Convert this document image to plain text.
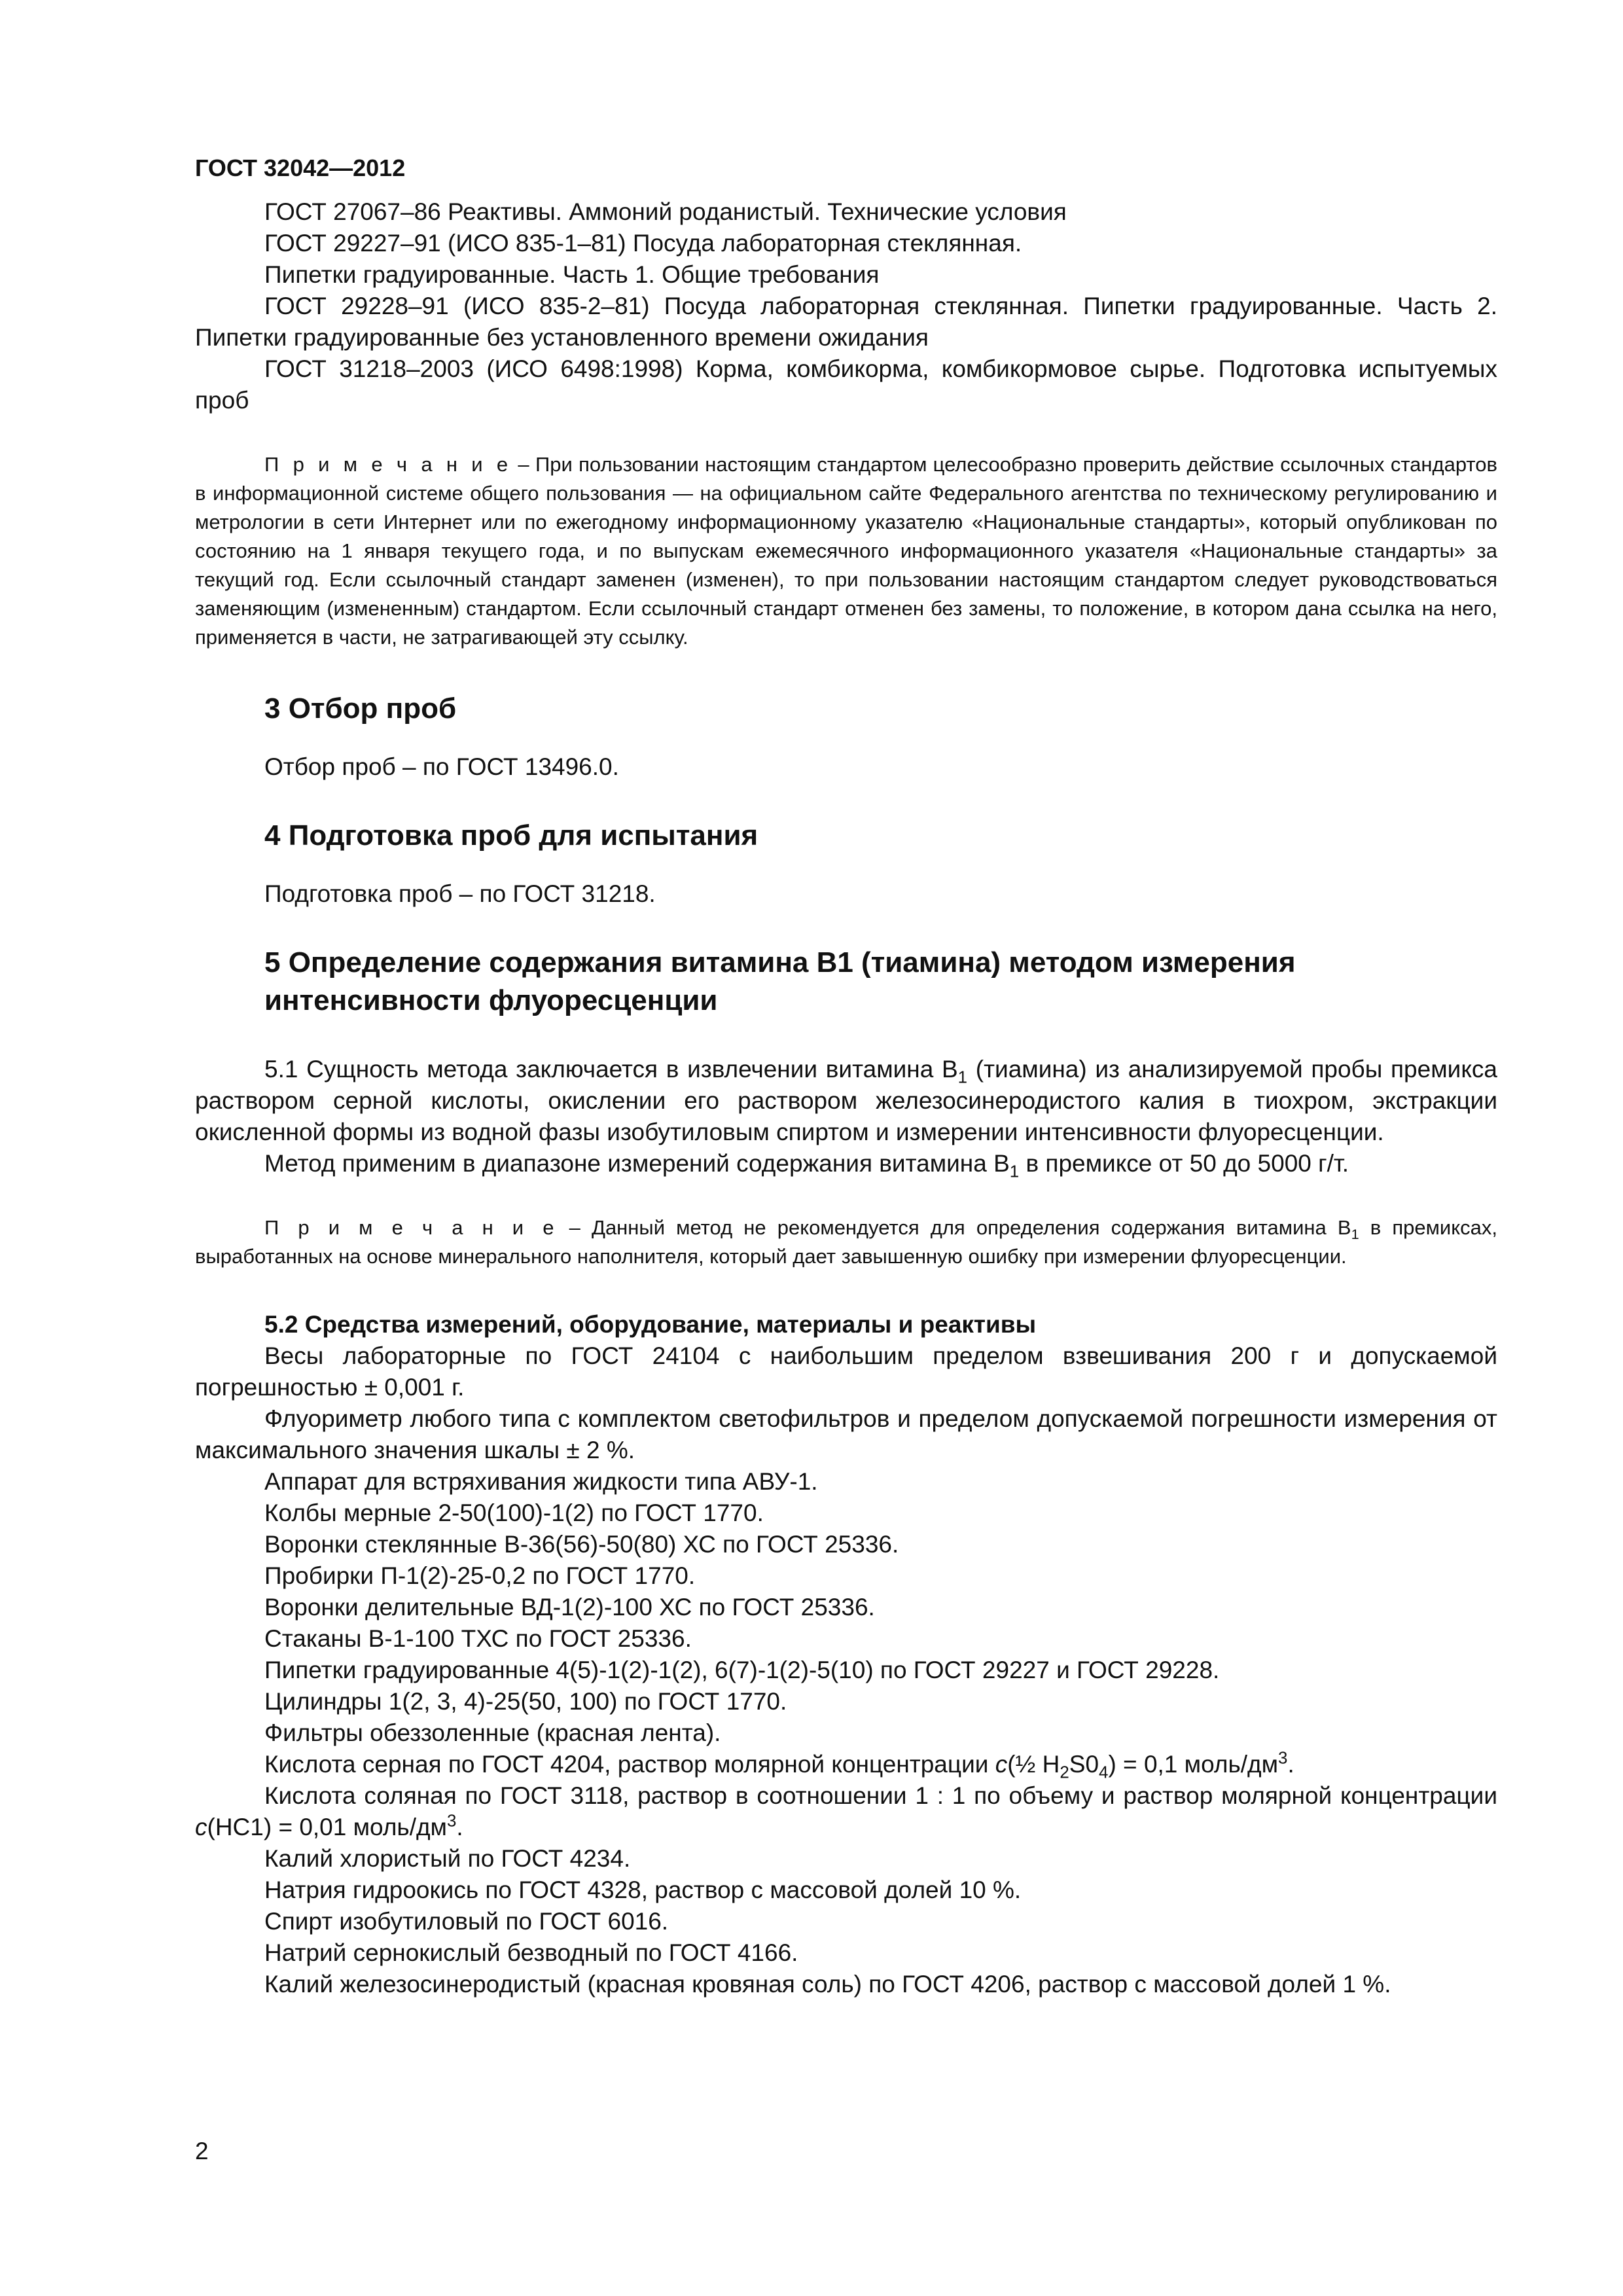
ГОСТ 32042—2012

ГОСТ 27067–86 Реактивы. Аммоний роданистый. Технические условия

ГОСТ 29227–91 (ИСО 835-1–81) Посуда лабораторная стеклянная.

Пипетки градуированные. Часть 1. Общие требования

ГОСТ 29228–91 (ИСО 835-2–81) Посуда лабораторная стеклянная. Пипетки градуированные. Часть 2. Пипетки градуированные без установленного времени ожидания

ГОСТ 31218–2003 (ИСО 6498:1998) Корма, комбикорма, комбикормовое сырье. Подготовка испытуемых проб

П р и м е ч а н и е – При пользовании настоящим стандартом целесообразно проверить действие ссылочных стандартов в информационной системе общего пользования — на официальном сайте Федерального агентства по техническому регулированию и метрологии в сети Интернет или по ежегодному информационному указателю «Национальные стандарты», который опубликован по состоянию на 1 января текущего года, и по выпускам ежемесячного информационного указателя «Национальные стандарты» за текущий год. Если ссылочный стандарт заменен (изменен), то при пользовании настоящим стандартом следует руководствоваться заменяющим (измененным) стандартом. Если ссылочный стандарт отменен без замены, то положение, в котором дана ссылка на него, применяется в части, не затрагивающей эту ссылку.

3 Отбор проб

Отбор проб – по ГОСТ 13496.0.

4 Подготовка проб для испытания

Подготовка проб – по ГОСТ 31218.

5 Определение содержания витамина В1 (тиамина) методом измерения интенсивности флуоресценции

5.1 Сущность метода заключается в извлечении витамина $В_1$ (тиамина) из анализируемой пробы премикса раствором серной кислоты, окислении его раствором железосинеродистого калия в тиохром, экстракции окисленной формы из водной фазы изобутиловым спиртом и измерении интенсивности флуоресценции.

Метод применим в диапазоне измерений содержания витамина $В_1$ в премиксе от 50 до 5000 г/т.

П р и м е ч а н и е – Данный метод не рекомендуется для определения содержания витамина $В_1$ в премиксах, выработанных на основе минерального наполнителя, который дает завышенную ошибку при измерении флуоресценции.

5.2 Средства измерений, оборудование, материалы и реактивы

Весы лабораторные по ГОСТ 24104 с наибольшим пределом взвешивания 200 г и допускаемой погрешностью ± 0,001 г.

Флуориметр любого типа с комплектом светофильтров и пределом допускаемой погрешности измерения от максимального значения шкалы ± 2 %.

Аппарат для встряхивания жидкости типа АВУ-1.

Колбы мерные 2-50(100)-1(2) по ГОСТ 1770.

Воронки стеклянные В-36(56)-50(80) ХС по ГОСТ 25336.

Пробирки П-1(2)-25-0,2 по ГОСТ 1770.

Воронки делительные ВД-1(2)-100 ХС по ГОСТ 25336.

Стаканы В-1-100 ТХС по ГОСТ 25336.

Пипетки градуированные 4(5)-1(2)-1(2), 6(7)-1(2)-5(10) по ГОСТ 29227 и ГОСТ 29228.

Цилиндры 1(2, 3, 4)-25(50, 100) по ГОСТ 1770.

Фильтры обеззоленные (красная лента).

Кислота серная по ГОСТ 4204, раствор молярной концентрации c(½ $H_2S0_4) = 0,1$ моль/$дм^3$.

Кислота соляная по ГОСТ 3118, раствор в соотношении 1 : 1 по объему и раствор молярной концентрации c(НС1) = 0,01 моль/$дм^3$.

Калий хлористый по ГОСТ 4234.

Натрия гидроокись по ГОСТ 4328, раствор с массовой долей 10 %.

Спирт изобутиловый по ГОСТ 6016.

Натрий сернокислый безводный по ГОСТ 4166.

Калий железосинеродистый (красная кровяная соль) по ГОСТ 4206, раствор с массовой долей 1 %.

2
